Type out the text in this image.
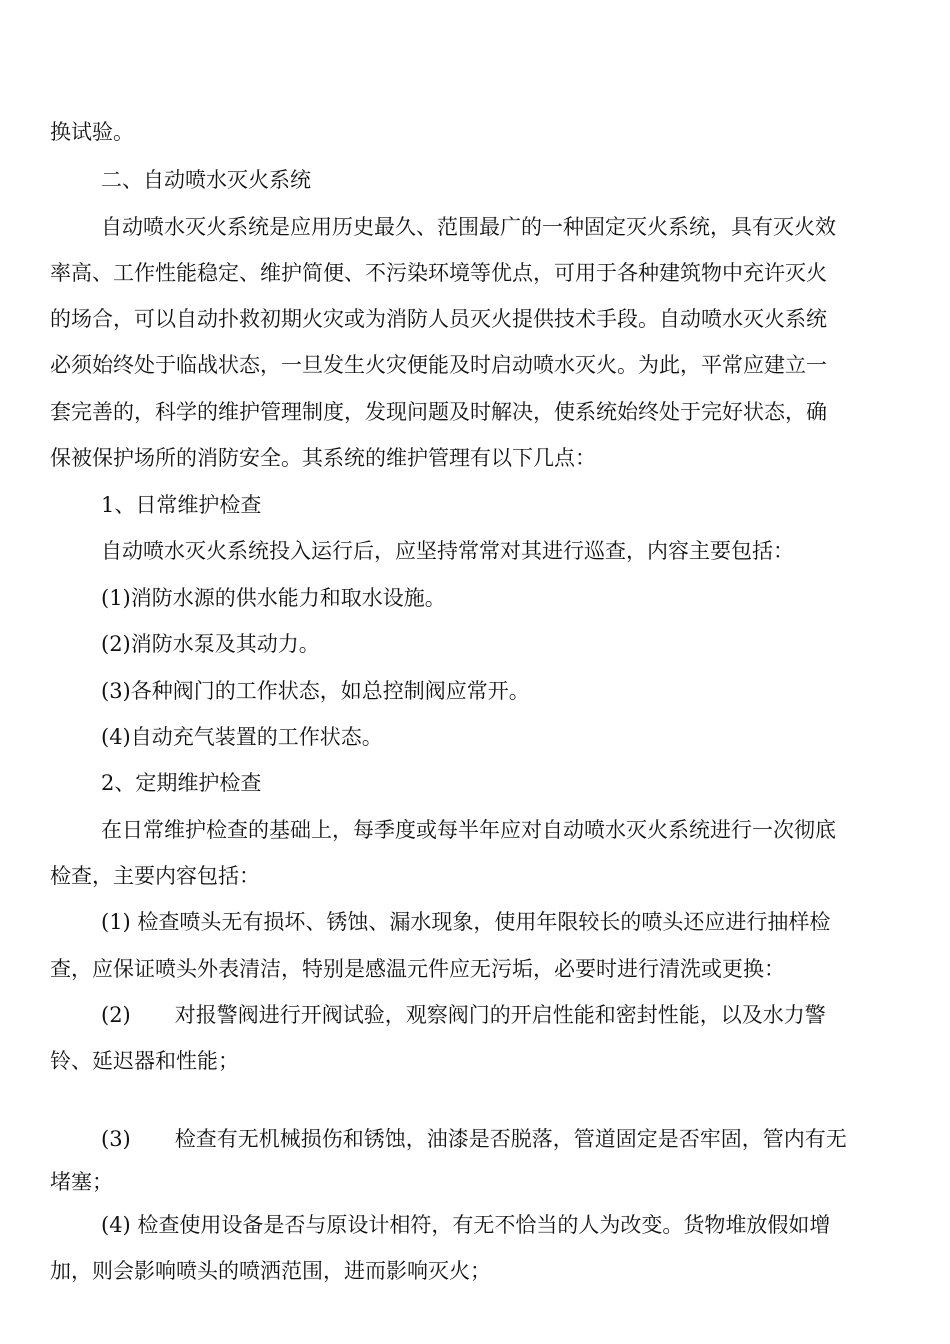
换试验。
二、自动喷水灭火系统
自动喷水灭火系统是应用历史最久、范围最广的一种固定灭火系统，具有灭火效
率高、工作性能稳定、维护简便、不污染环境等优点，可用于各种建筑物中充许灭火
的场合，可以自动扑救初期火灾或为消防人员灭火提供技术手段。自动喷水灭火系统
必须始终处于临战状态，一旦发生火灾便能及时启动喷水灭火。为此，平常应建立一
套完善的，科学的维护管理制度，发现问题及时解决，使系统始终处于完好状态，确
保被保护场所的消防安全。其系统的维护管理有以下几点：
1、日常维护检查
自动喷水灭火系统投入运行后，应坚持常常对其进行巡查，内容主要包括：
(1)消防水源的供水能力和取水设施。
(2)消防水泵及其动力。
(3)各种阀门的工作状态，如总控制阀应常开。
(4)自动充气装置的工作状态。
2、定期维护检查
在日常维护检查的基础上，每季度或每半年应对自动喷水灭火系统进行一次彻底
检查，主要内容包括：
(1) 检查喷头无有损坏、锈蚀、漏水现象，使用年限较长的喷头还应进行抽样检
查，应保证喷头外表清洁，特别是感温元件应无污垢，必要时进行清洗或更换：
(2) 对报警阀进行开阀试验，观察阀门的开启性能和密封性能，以及水力警
铃、延迟器和性能；
(3) 检查有无机械损伤和锈蚀，油漆是否脱落，管道固定是否牢固，管内有无
堵塞；
(4) 检查使用设备是否与原设计相符，有无不恰当的人为改变。货物堆放假如增
加，则会影响喷头的喷洒范围，进而影响灭火；
